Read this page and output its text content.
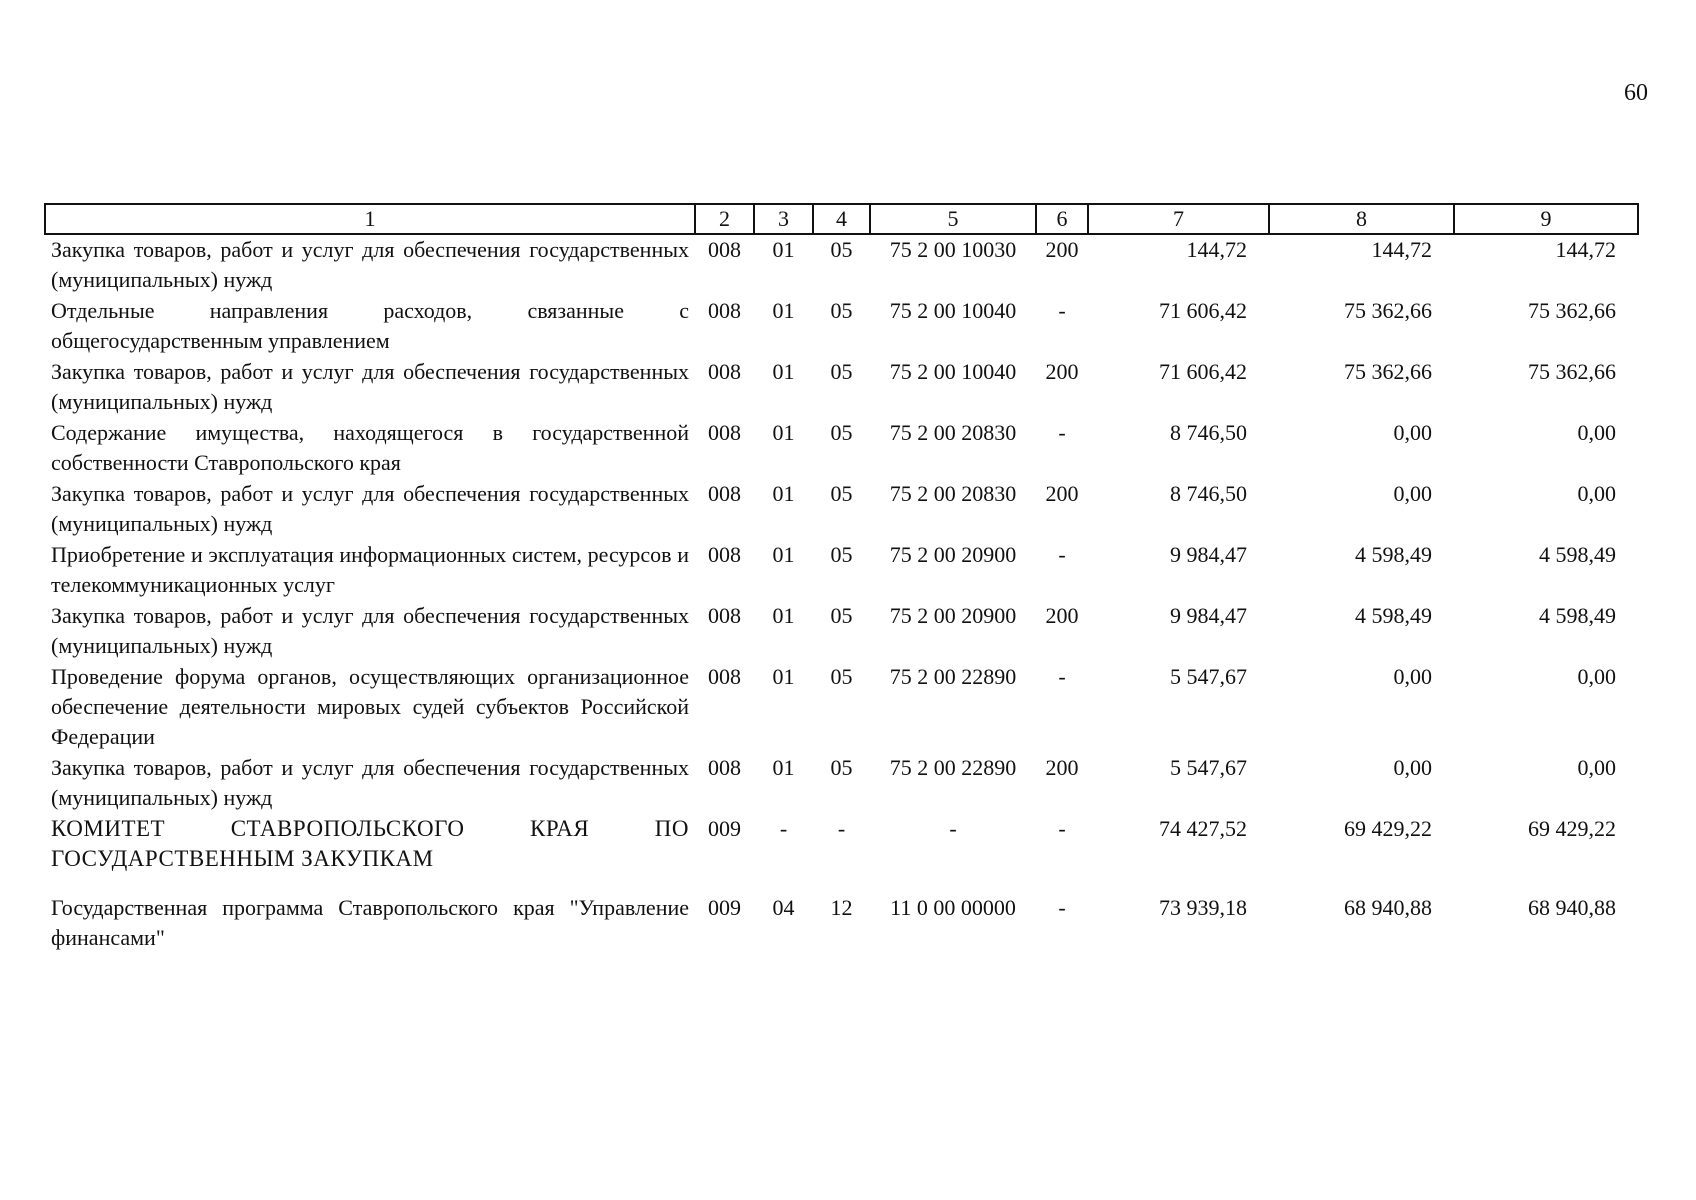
60
1	2	3	4	5	6	7	8	9
Закупка товаров, работ и услуг для обеспечения государственных (муниципальных) нужд	008	01	05	75 2 00 10030	200	144,72	144,72	144,72
Отдельные направления расходов, связанные с общегосударственным управлением	008	01	05	75 2 00 10040	-	71 606,42	75 362,66	75 362,66
Закупка товаров, работ и услуг для обеспечения государственных (муниципальных) нужд	008	01	05	75 2 00 10040	200	71 606,42	75 362,66	75 362,66
Содержание имущества, находящегося в государственной собственности Ставропольского края	008	01	05	75 2 00 20830	-	8 746,50	0,00	0,00
Закупка товаров, работ и услуг для обеспечения государственных (муниципальных) нужд	008	01	05	75 2 00 20830	200	8 746,50	0,00	0,00
Приобретение и эксплуатация информационных систем, ресурсов и телекоммуникационных услуг	008	01	05	75 2 00 20900	-	9 984,47	4 598,49	4 598,49
Закупка товаров, работ и услуг для обеспечения государственных (муниципальных) нужд	008	01	05	75 2 00 20900	200	9 984,47	4 598,49	4 598,49
Проведение форума органов, осуществляющих организационное обеспечение деятельности мировых судей субъектов Российской Федерации	008	01	05	75 2 00 22890	-	5 547,67	0,00	0,00
Закупка товаров, работ и услуг для обеспечения государственных (муниципальных) нужд	008	01	05	75 2 00 22890	200	5 547,67	0,00	0,00
КОМИТЕТ СТАВРОПОЛЬСКОГО КРАЯ ПО ГОСУДАРСТВЕННЫМ ЗАКУПКАМ	009	-	-	-	-	74 427,52	69 429,22	69 429,22
Государственная программа Ставропольского края "Управление финансами"	009	04	12	11 0 00 00000	-	73 939,18	68 940,88	68 940,88
